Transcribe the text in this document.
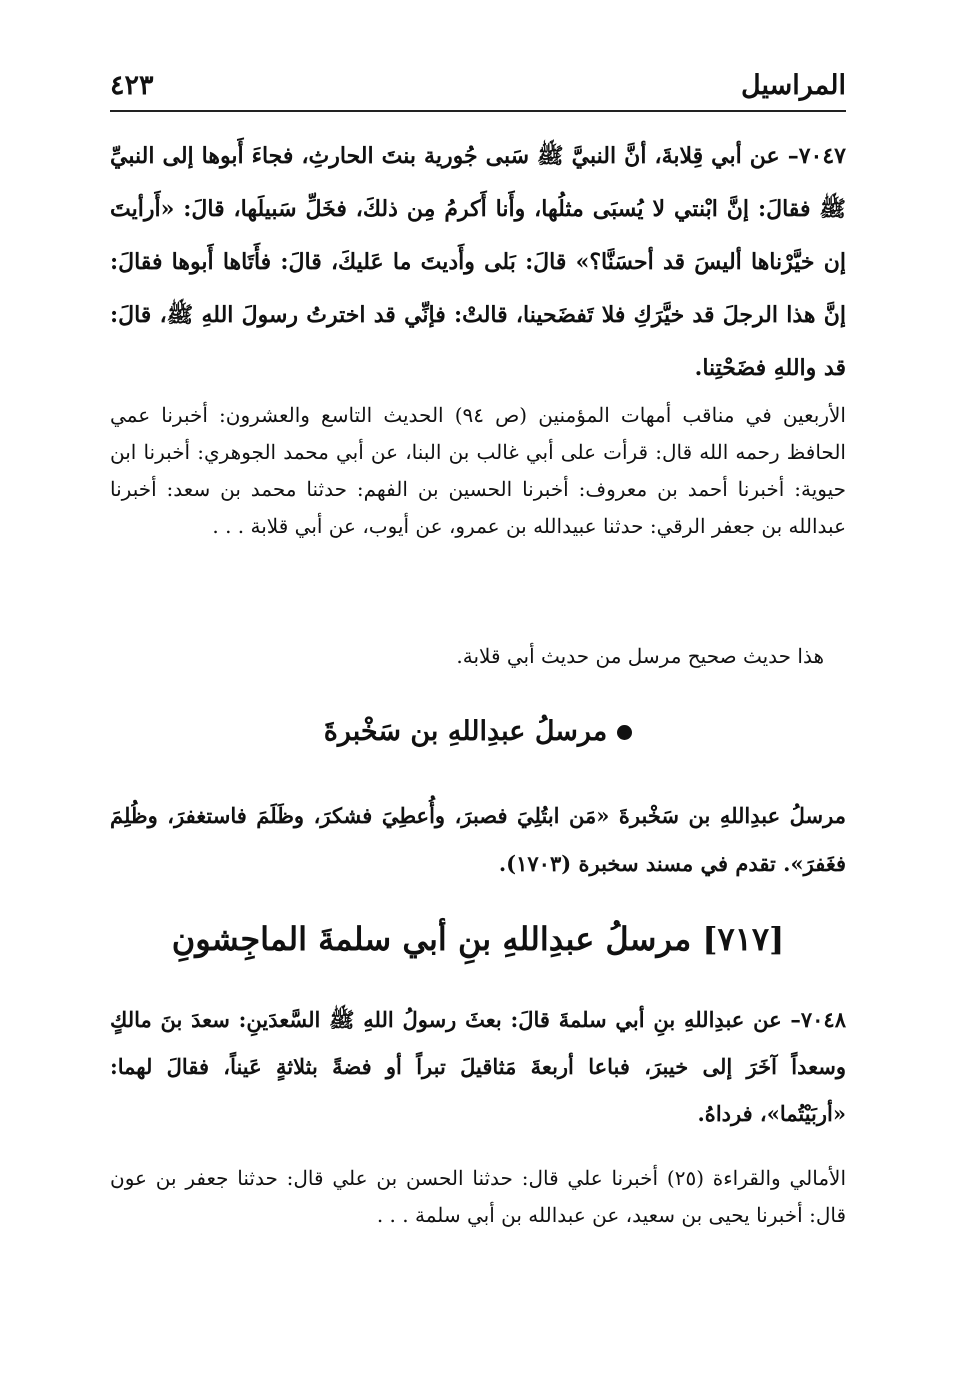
المراسيل
٤٢٣
٧٠٤٧– عن أبي قِلابةَ، أنَّ النبيَّ ﷺ سَبى جُورية بنتَ الحارثِ، فجاءَ أَبوها إلى النبيِّ ﷺ فقالَ: إنَّ ابْنتي لا يُسبَى مثلُها، وأَنا أَكرمُ مِن ذلكَ، فخَلِّ سَبيلَها، قالَ: «أَرأيتَ إن خيَّرْناها أليسَ قد أحسَنَّا؟» قالَ: بَلى وأَديتَ ما عَليكَ، قالَ: فأَتَاها أَبوها فقالَ: إنَّ هذا الرجلَ قد خيَّرَكِ فلا تَفضَحينا، قالتْ: فإنِّي قد اخترتُ رسولَ اللهِ ﷺ، قالَ: قد واللهِ فضَحْتِنا.
الأربعين في مناقب أمهات المؤمنين (ص ٩٤) الحديث التاسع والعشرون: أخبرنا عمي الحافظ رحمه الله قال: قرأت على أبي غالب بن البنا، عن أبي محمد الجوهري: أخبرنا ابن حيوية: أخبرنا أحمد بن معروف: أخبرنا الحسين بن الفهم: حدثنا محمد بن سعد: أخبرنا عبدالله بن جعفر الرقي: حدثنا عبيدالله بن عمرو، عن أيوب، عن أبي قلابة . . .
هذا حديث صحيح مرسل من حديث أبي قلابة.
مرسلُ عبدِاللهِ بن سَخْبرةَ
مرسلُ عبدِاللهِ بن سَخْبرةَ «مَن ابتُلِيَ فصبرَ، وأُعطِيَ فشكرَ، وظَلَمَ فاستغفرَ، وظُلِمَ فغَفرَ». تقدم في مسند سخبرة (١٧٠٣).
[٧١٧] مرسلُ عبدِاللهِ بنِ أبي سلمةَ الماجِشونِ
٧٠٤٨– عن عبدِاللهِ بنِ أبي سلمةَ قالَ: بعثَ رسولُ اللهِ ﷺ السَّعدَينِ: سعدَ بنَ مالكٍ وسعداً آخَرَ إلى خيبرَ، فباعا أربعةَ مَثاقيلَ تبراً أو فضةً بثلاثةٍ عَيناً، فقالَ لهما: «أربَيْتُما»، فرداهُ.
الأمالي والقراءة (٢٥) أخبرنا علي قال: حدثنا الحسن بن علي قال: حدثنا جعفر بن عون قال: أخبرنا يحيى بن سعيد، عن عبدالله بن أبي سلمة . . .
